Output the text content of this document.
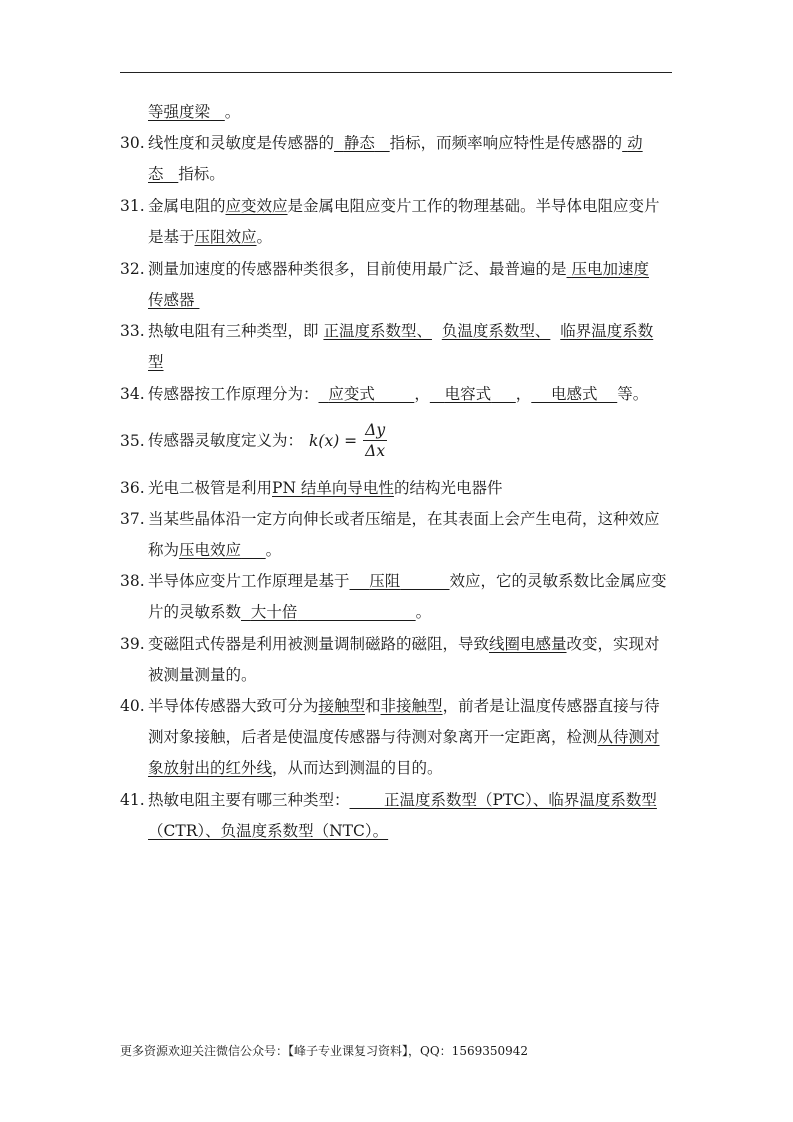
等强度梁 。
30. 线性度和灵敏度是传感器的 静态 指标，而频率响应特性是传感器的 动
态 指标。
31. 金属电阻的应变效应是金属电阻应变片工作的物理基础。半导体电阻应变片
是基于压阻效应。
32. 测量加速度的传感器种类很多，目前使用最广泛、最普遍的是 压电加速度
传感器
33. 热敏电阻有三种类型，即 正温度系数型、 负温度系数型、 临界温度系数
型
34. 传感器按工作原理分为： 应变式	， 电容式 ， 电感式 等。
35. 传感器灵敏度定义为： $k(x) = \frac{\Delta y}{\Delta x}$
36. 光电二极管是利用PN 结单向导电性的结构光电器件
37. 当某些晶体沿一定方向伸长或者压缩是，在其表面上会产生电荷，这种效应
称为压电效应 。
38. 半导体应变片工作原理是基于 压阻	效应，它的灵敏系数比金属应变
片的灵敏系数 大十倍	。
39. 变磁阻式传器是利用被测量调制磁路的磁阻，导致线圈电感量改变，实现对
被测量测量的。
40. 半导体传感器大致可分为接触型和非接触型，前者是让温度传感器直接与待
测对象接触，后者是使温度传感器与待测对象离开一定距离，检测从待测对
象放射出的红外线，从而达到测温的目的。
41. 热敏电阻主要有哪三种类型： 正温度系数型（PTC）、临界温度系数型
（CTR）、负温度系数型（NTC）。
更多资源欢迎关注微信公众号：【峰子专业课复习资料】，QQ：1569350942
